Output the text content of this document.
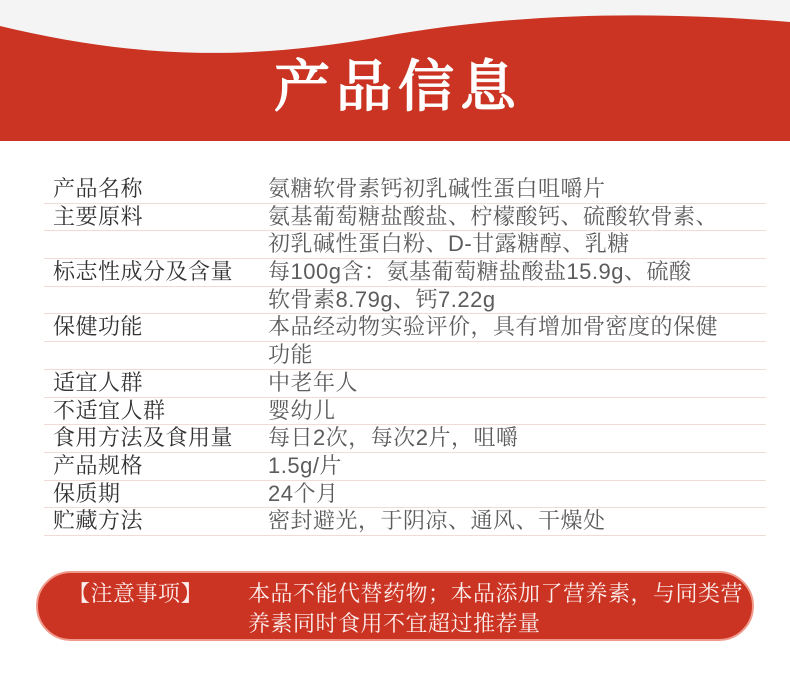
产品信息
产品名称	氨糖软骨素钙初乳碱性蛋白咀嚼片
主要原料	氨基葡萄糖盐酸盐、柠檬酸钙、硫酸软骨素、
初乳碱性蛋白粉、D-甘露糖醇、乳糖
标志性成分及含量	每100g含：氨基葡萄糖盐酸盐15.9g、硫酸
软骨素8.79g、钙7.22g
保健功能	本品经动物实验评价，具有增加骨密度的保健
功能
适宜人群	中老年人
不适宜人群	婴幼儿
食用方法及食用量	每日2次，每次2片，咀嚼
产品规格	1.5g/片
保质期	24个月
贮藏方法	密封避光，于阴凉、通风、干燥处
【注意事项】 本品不能代替药物；本品添加了营养素，与同类营
养素同时食用不宜超过推荐量
